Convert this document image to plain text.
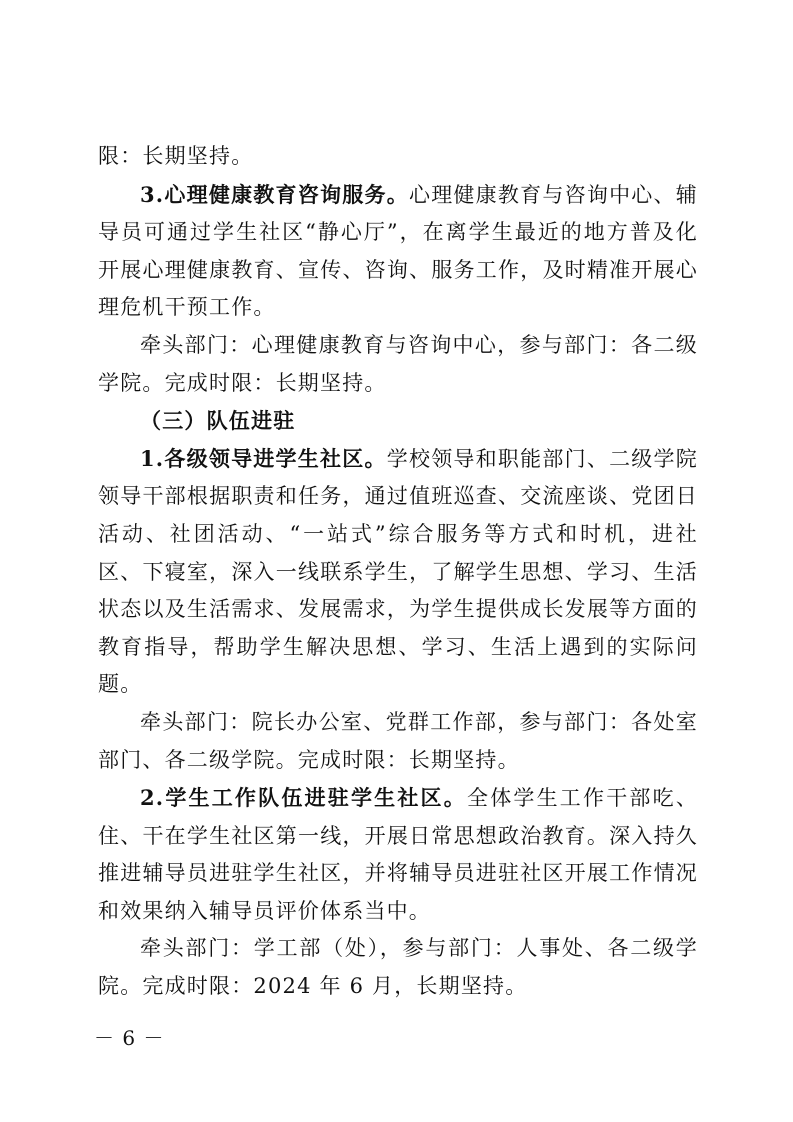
限：长期坚持。

3.心理健康教育咨询服务。心理健康教育与咨询中心、辅导员可通过学生社区“静心厅”，在离学生最近的地方普及化开展心理健康教育、宣传、咨询、服务工作，及时精准开展心理危机干预工作。

牵头部门：心理健康教育与咨询中心，参与部门：各二级学院。完成时限：长期坚持。

（三）队伍进驻

1.各级领导进学生社区。学校领导和职能部门、二级学院领导干部根据职责和任务，通过值班巡查、交流座谈、党团日活动、社团活动、“一站式”综合服务等方式和时机，进社区、下寝室，深入一线联系学生，了解学生思想、学习、生活状态以及生活需求、发展需求，为学生提供成长发展等方面的教育指导，帮助学生解决思想、学习、生活上遇到的实际问题。

牵头部门：院长办公室、党群工作部，参与部门：各处室部门、各二级学院。完成时限：长期坚持。

2.学生工作队伍进驻学生社区。全体学生工作干部吃、住、干在学生社区第一线，开展日常思想政治教育。深入持久推进辅导员进驻学生社区，并将辅导员进驻社区开展工作情况和效果纳入辅导员评价体系当中。

牵头部门：学工部（处），参与部门：人事处、各二级学院。完成时限：2024 年 6 月，长期坚持。

－ 6 －
